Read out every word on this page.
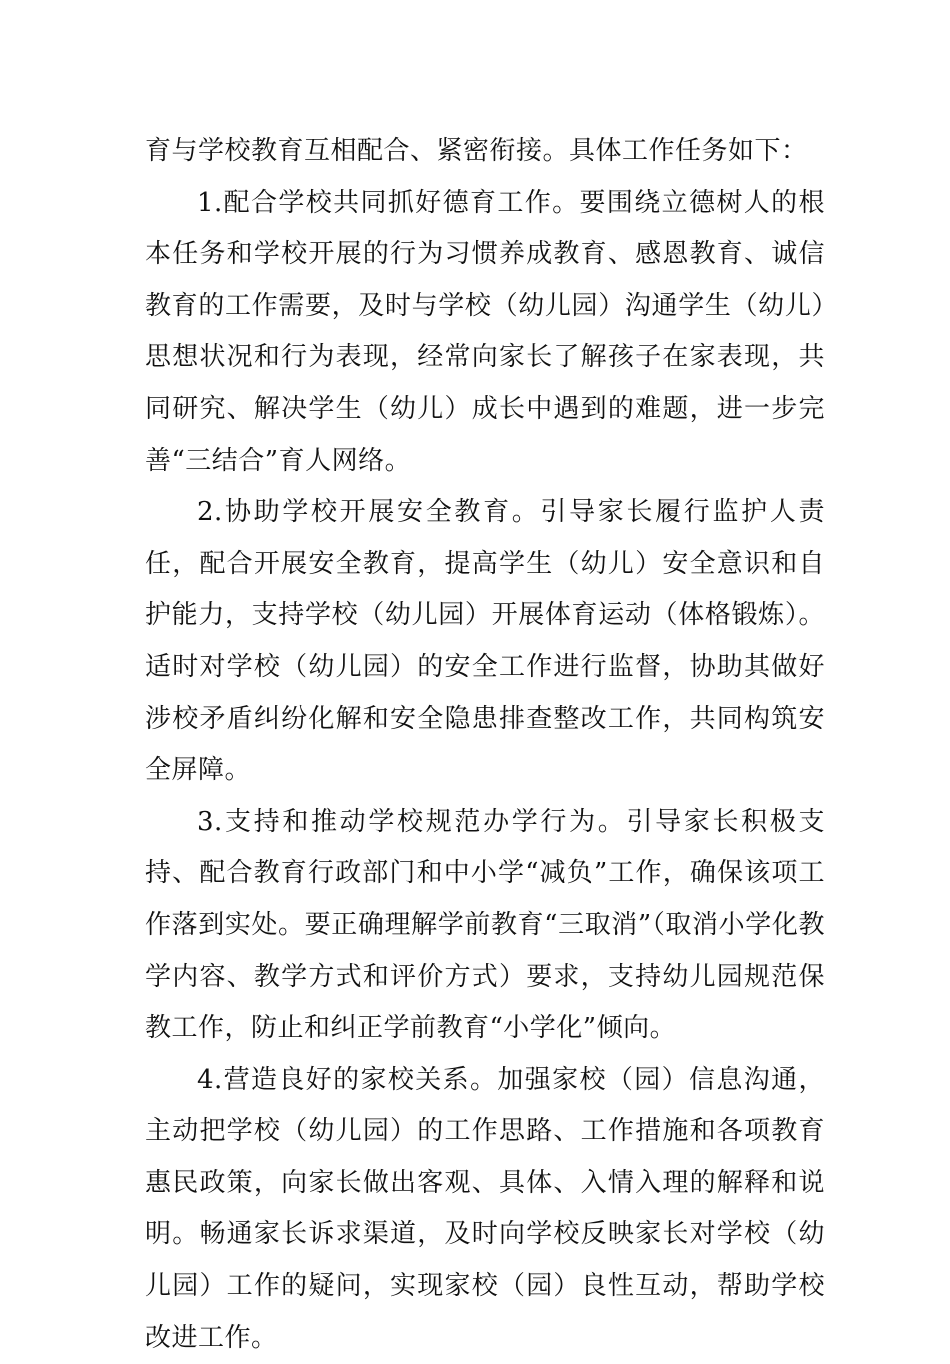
育与学校教育互相配合、紧密衔接。具体工作任务如下：

1.配合学校共同抓好德育工作。要围绕立德树人的根本任务和学校开展的行为习惯养成教育、感恩教育、诚信教育的工作需要，及时与学校（幼儿园）沟通学生（幼儿）思想状况和行为表现，经常向家长了解孩子在家表现，共同研究、解决学生（幼儿）成长中遇到的难题，进一步完善“三结合”育人网络。

2.协助学校开展安全教育。引导家长履行监护人责任，配合开展安全教育，提高学生（幼儿）安全意识和自护能力，支持学校（幼儿园）开展体育运动（体格锻炼）。适时对学校（幼儿园）的安全工作进行监督，协助其做好涉校矛盾纠纷化解和安全隐患排查整改工作，共同构筑安全屏障。

3.支持和推动学校规范办学行为。引导家长积极支持、配合教育行政部门和中小学“减负”工作，确保该项工作落到实处。要正确理解学前教育“三取消”（取消小学化教学内容、教学方式和评价方式）要求，支持幼儿园规范保教工作，防止和纠正学前教育“小学化”倾向。

4.营造良好的家校关系。加强家校（园）信息沟通，主动把学校（幼儿园）的工作思路、工作措施和各项教育惠民政策，向家长做出客观、具体、入情入理的解释和说明。畅通家长诉求渠道，及时向学校反映家长对学校（幼儿园）工作的疑问，实现家校（园）良性互动，帮助学校改进工作。
